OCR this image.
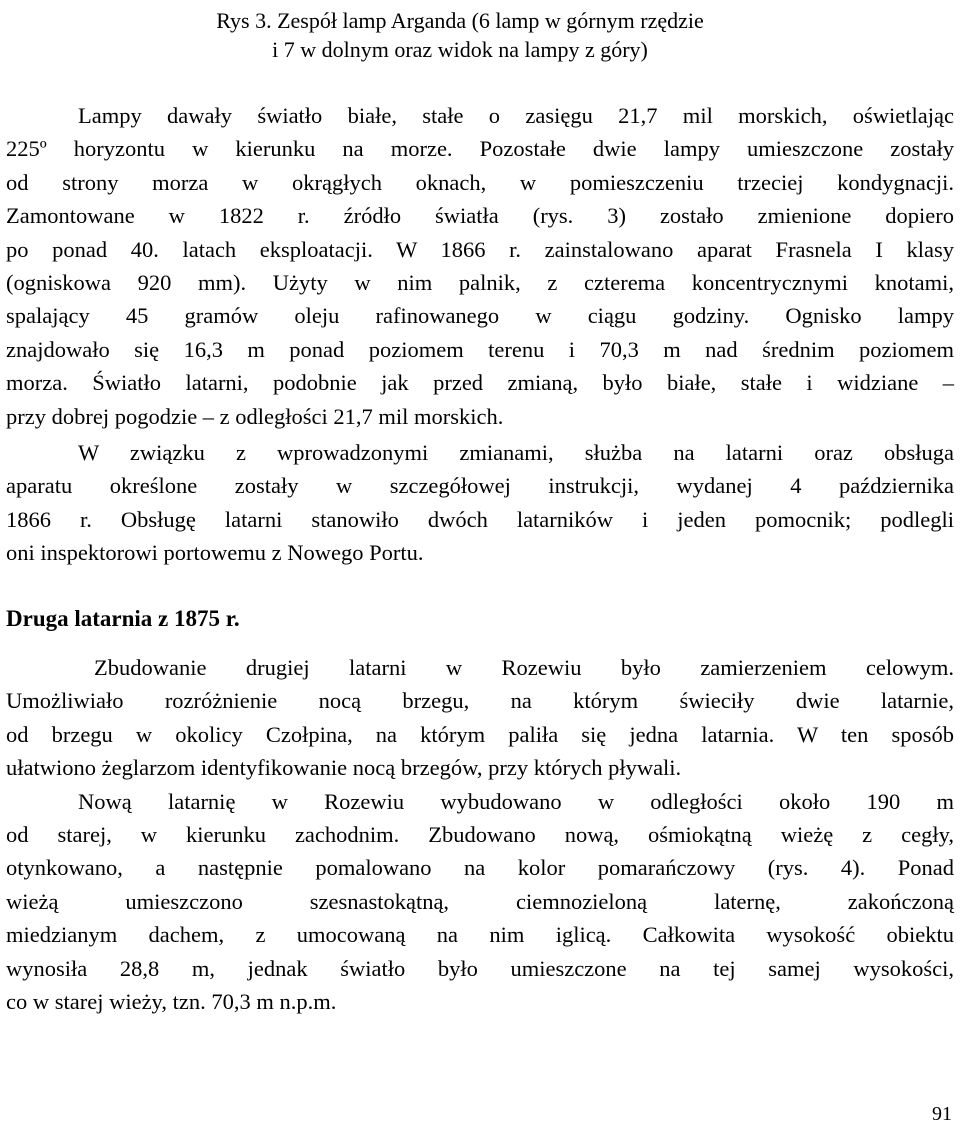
Rys 3. Zespół lamp Arganda (6 lamp w górnym rzędzie
i 7 w dolnym oraz widok na lampy z góry)
Lampy dawały światło białe, stałe o zasięgu 21,7 mil morskich, oświetlając
225º horyzontu w kierunku na morze. Pozostałe dwie lampy umieszczone zostały
od strony morza w okrągłych oknach, w pomieszczeniu trzeciej kondygnacji.
Zamontowane w 1822 r. źródło światła (rys. 3) zostało zmienione dopiero
po ponad 40. latach eksploatacji. W 1866 r. zainstalowano aparat Frasnela I klasy
(ogniskowa 920 mm). Użyty w nim palnik, z czterema koncentrycznymi knotami,
spalający 45 gramów oleju rafinowanego w ciągu godziny. Ognisko lampy
znajdowało się 16,3 m ponad poziomem terenu i 70,3 m nad średnim poziomem
morza. Światło latarni, podobnie jak przed zmianą, było białe, stałe i widziane –
przy dobrej pogodzie – z odległości 21,7 mil morskich.
W związku z wprowadzonymi zmianami, służba na latarni oraz obsługa
aparatu określone zostały w szczegółowej instrukcji, wydanej 4 października
1866 r. Obsługę latarni stanowiło dwóch latarników i jeden pomocnik; podlegli
oni inspektorowi portowemu z Nowego Portu.
Druga latarnia z 1875 r.
Zbudowanie drugiej latarni w Rozewiu było zamierzeniem celowym.
Umożliwiało rozróżnienie nocą brzegu, na którym świeciły dwie latarnie,
od brzegu w okolicy Czołpina, na którym paliła się jedna latarnia. W ten sposób
ułatwiono żeglarzom identyfikowanie nocą brzegów, przy których pływali.
Nową latarnię w Rozewiu wybudowano w odległości około 190 m
od starej, w kierunku zachodnim. Zbudowano nową, ośmiokątną wieżę z cegły,
otynkowano, a następnie pomalowano na kolor pomarańczowy (rys. 4). Ponad
wieżą umieszczono szesnastokątną, ciemnozieloną laternę, zakończoną
miedzianym dachem, z umocowaną na nim iglicą. Całkowita wysokość obiektu
wynosiła 28,8 m, jednak światło było umieszczone na tej samej wysokości,
co w starej wieży, tzn. 70,3 m n.p.m.
91
